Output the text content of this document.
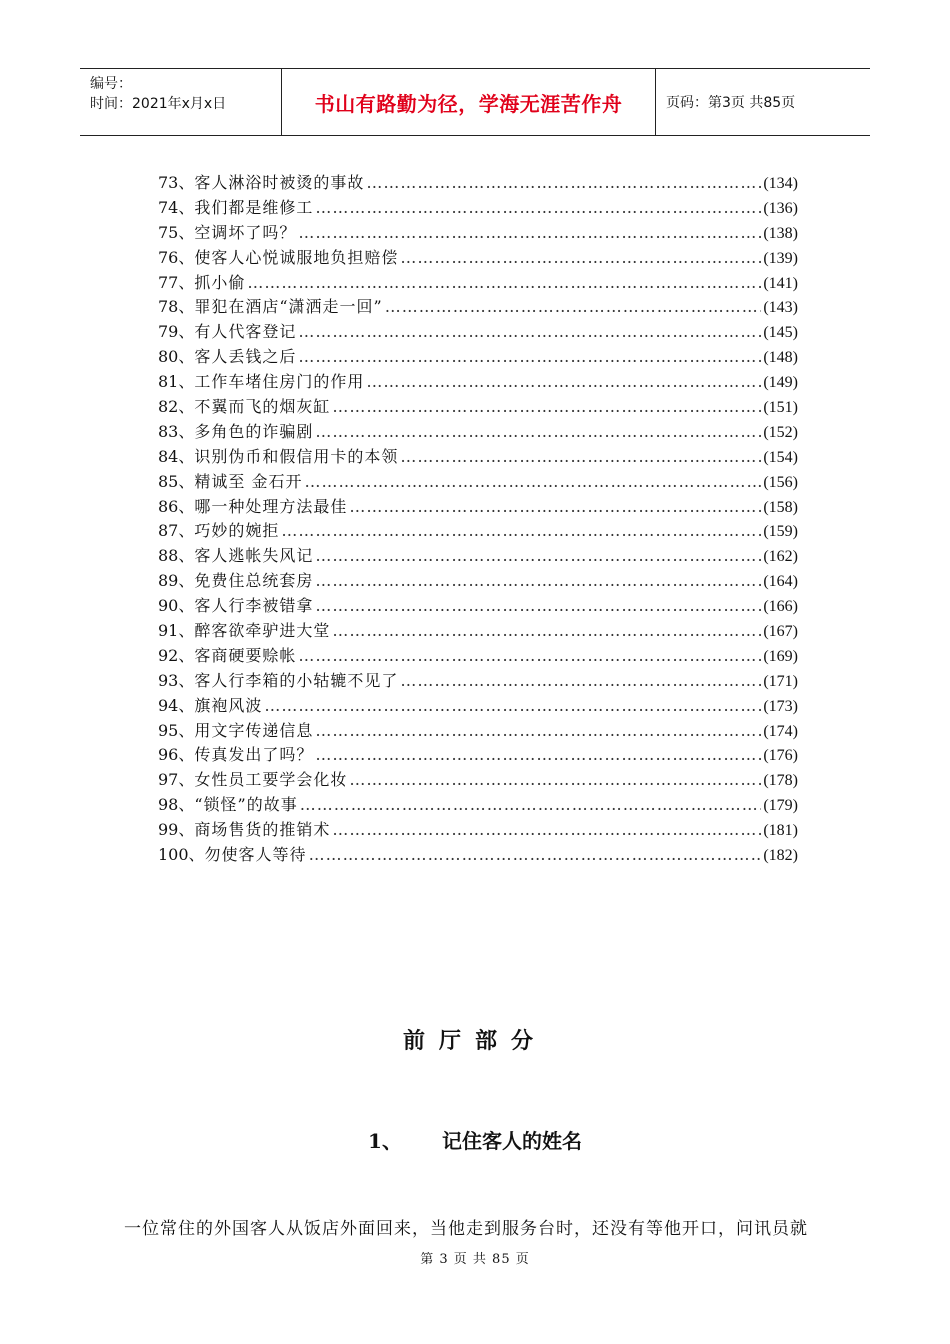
编号：
时间：2021年x月x日	书山有路勤为径，学海无涯苦作舟	页码：第3页 共85页
73、 客人淋浴时被烫的事故 …………………………………………………………………………………………………………………………………………	(134)
74、 我们都是维修工 …………………………………………………………………………………………………………………………………………	(136)
75、 空调坏了吗？ …………………………………………………………………………………………………………………………………………	(138)
76、 使客人心悦诚服地负担赔偿 …………………………………………………………………………………………………………………………………………	(139)
77、 抓小偷 …………………………………………………………………………………………………………………………………………	(141)
78、 罪犯在酒店“潇洒走一回” …………………………………………………………………………………………………………………………………………	(143)
79、 有人代客登记 …………………………………………………………………………………………………………………………………………	(145)
80、 客人丢钱之后 …………………………………………………………………………………………………………………………………………	(148)
81、 工作车堵住房门的作用 …………………………………………………………………………………………………………………………………………	(149)
82、 不翼而飞的烟灰缸 …………………………………………………………………………………………………………………………………………	(151)
83、 多角色的诈骗剧 …………………………………………………………………………………………………………………………………………	(152)
84、 识别伪币和假信用卡的本领 …………………………………………………………………………………………………………………………………………	(154)
85、 精诚至 金石开 …………………………………………………………………………………………………………………………………………	(156)
86、 哪一种处理方法最佳 …………………………………………………………………………………………………………………………………………	(158)
87、 巧妙的婉拒 …………………………………………………………………………………………………………………………………………	(159)
88、 客人逃帐失风记 …………………………………………………………………………………………………………………………………………	(162)
89、 免费住总统套房 …………………………………………………………………………………………………………………………………………	(164)
90、 客人行李被错拿 …………………………………………………………………………………………………………………………………………	(166)
91、 醉客欲牵驴进大堂 …………………………………………………………………………………………………………………………………………	(167)
92、 客商硬要赊帐 …………………………………………………………………………………………………………………………………………	(169)
93、 客人行李箱的小轱辘不见了 …………………………………………………………………………………………………………………………………………	(171)
94、 旗袍风波 …………………………………………………………………………………………………………………………………………	(173)
95、 用文字传递信息 …………………………………………………………………………………………………………………………………………	(174)
96、 传真发出了吗？ …………………………………………………………………………………………………………………………………………	(176)
97、 女性员工要学会化妆 …………………………………………………………………………………………………………………………………………	(178)
98、 “锁怪”的故事 …………………………………………………………………………………………………………………………………………	(179)
99、 商场售货的推销术 …………………………………………………………………………………………………………………………………………	(181)
100、 勿使客人等待 …………………………………………………………………………………………………………………………………………	(182)
前厅部分
1、 记住客人的姓名
一位常住的外国客人从饭店外面回来，当他走到服务台时，还没有等他开口，问讯员就
第 3 页 共 85 页
